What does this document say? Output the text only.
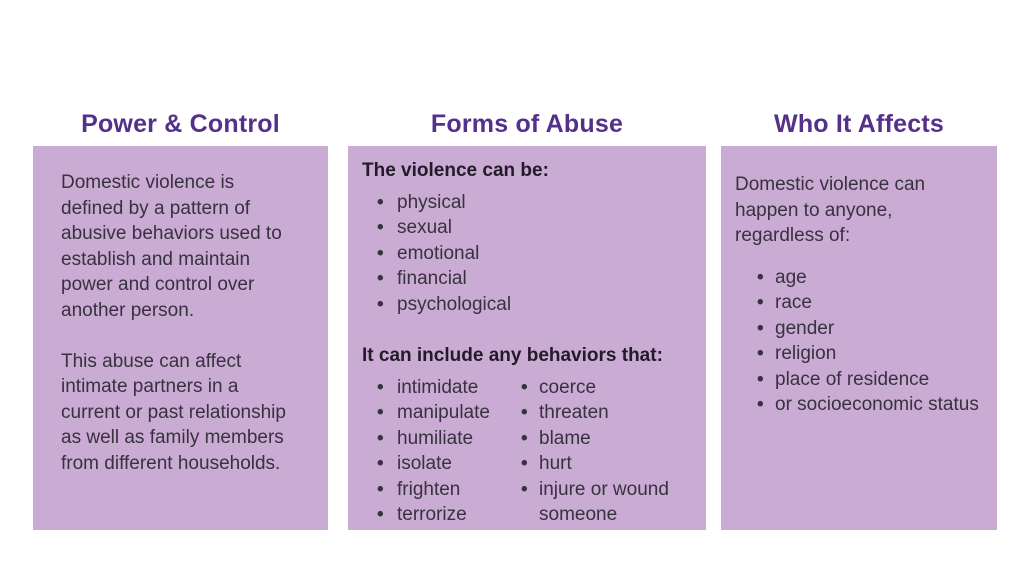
Power & Control	Forms of Abuse	Who It Affects

Domestic violence is defined by a pattern of abusive behaviors used to establish and maintain power and control over another person.

This abuse can affect intimate partners in a current or past relationship as well as family members from different households.

The violence can be:
• physical
• sexual
• emotional
• financial
• psychological
It can include any behaviors that:
• intimidate
• manipulate
• humiliate
• isolate
• frighten
• terrorize
• coerce
• threaten
• blame
• hurt
• injure or wound someone

Domestic violence can happen to anyone, regardless of:

• age
• race
• gender
• religion
• place of residence
• or socioeconomic status
